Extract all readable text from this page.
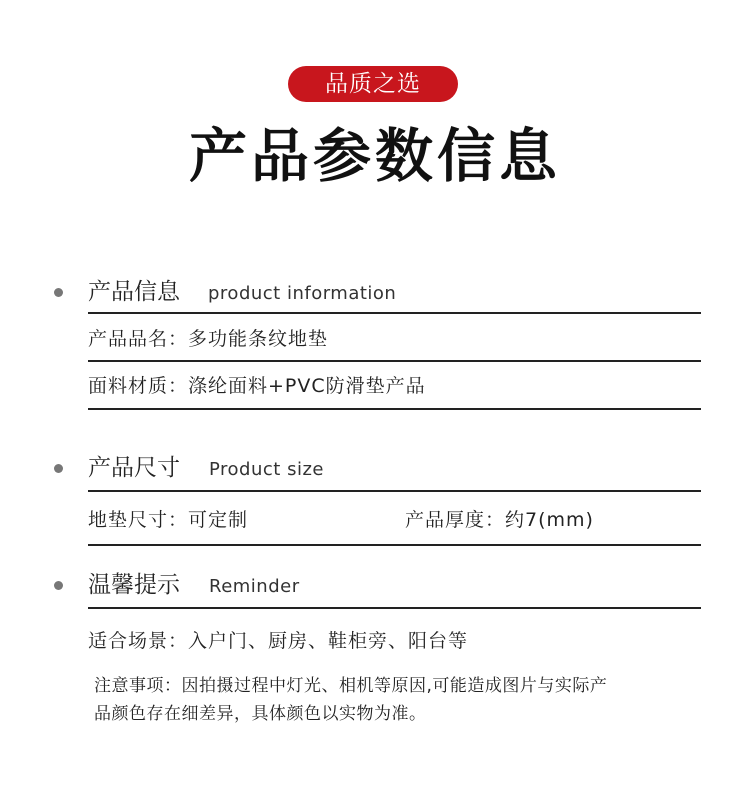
品质之选
产品参数信息
产品信息 product information
产品品名：多功能条纹地垫
面料材质：涤纶面料+PVC防滑垫产品
产品尺寸 Product size
地垫尺寸：可定制	产品厚度：约7(mm)
温馨提示 Reminder
适合场景：入户门、厨房、鞋柜旁、阳台等
注意事项：因拍摄过程中灯光、相机等原因,可能造成图片与实际产
品颜色存在细差异，具体颜色以实物为准。
